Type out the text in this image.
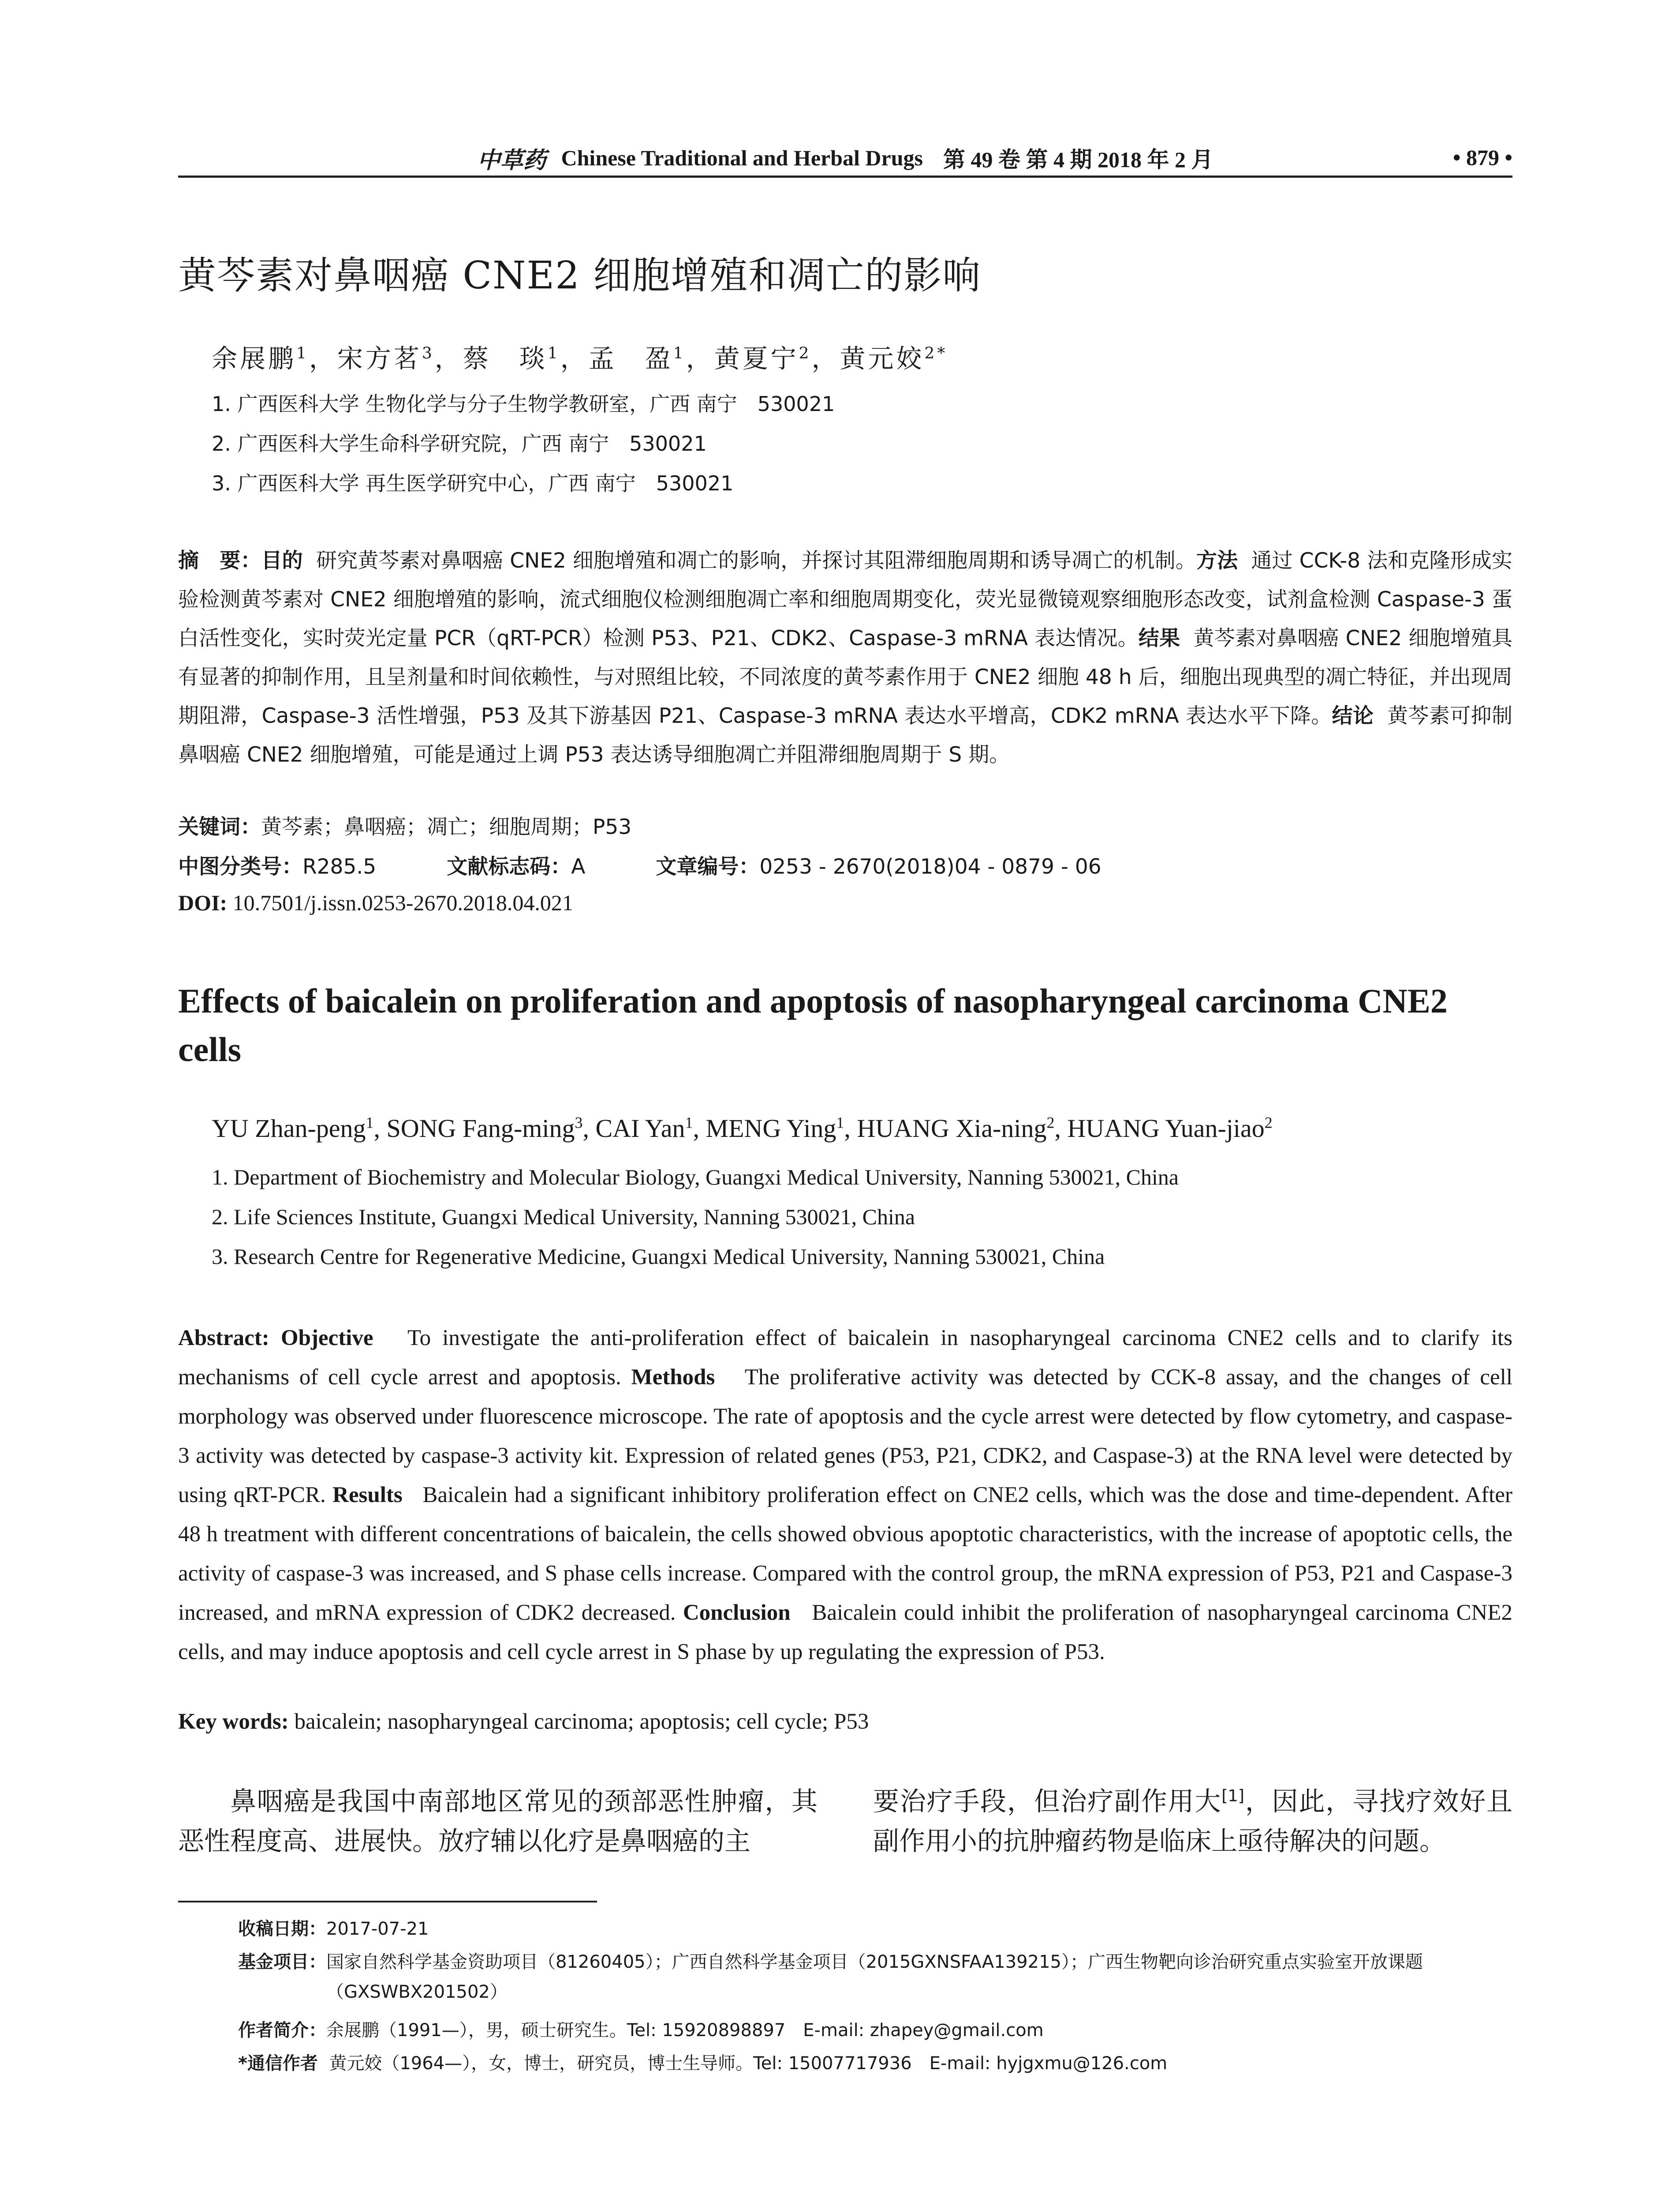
中草药 Chinese Traditional and Herbal Drugs 第 49 卷 第 4 期 2018 年 2 月	• 879 •
黄芩素对鼻咽癌 CNE2 细胞增殖和凋亡的影响
余展鹏$^1$，宋方茗$^3$，蔡　琰$^1$，孟　盈$^1$，黄夏宁$^2$，黄元姣$^{2*}$
1. 广西医科大学 生物化学与分子生物学教研室，广西 南宁　530021
2. 广西医科大学生命科学研究院，广西 南宁　530021
3. 广西医科大学 再生医学研究中心，广西 南宁　530021
摘　要：目的 研究黄芩素对鼻咽癌 CNE2 细胞增殖和凋亡的影响，并探讨其阻滞细胞周期和诱导凋亡的机制。方法 通过 CCK-8 法和克隆形成实验检测黄芩素对 CNE2 细胞增殖的影响，流式细胞仪检测细胞凋亡率和细胞周期变化，荧光显微镜观察细胞形态改变，试剂盒检测 Caspase-3 蛋白活性变化，实时荧光定量 PCR（qRT-PCR）检测 P53、P21、CDK2、Caspase-3 mRNA 表达情况。结果 黄芩素对鼻咽癌 CNE2 细胞增殖具有显著的抑制作用，且呈剂量和时间依赖性，与对照组比较，不同浓度的黄芩素作用于 CNE2 细胞 48 h 后，细胞出现典型的凋亡特征，并出现周期阻滞，Caspase-3 活性增强，P53 及其下游基因 P21、Caspase-3 mRNA 表达水平增高，CDK2 mRNA 表达水平下降。结论 黄芩素可抑制鼻咽癌 CNE2 细胞增殖，可能是通过上调 P53 表达诱导细胞凋亡并阻滞细胞周期于 S 期。
关键词：黄芩素；鼻咽癌；凋亡；细胞周期；P53
中图分类号：R285.5	文献标志码：A	文章编号：0253 - 2670(2018)04 - 0879 - 06
DOI: 10.7501/j.issn.0253-2670.2018.04.021
Effects of baicalein on proliferation and apoptosis of nasopharyngeal carcinoma CNE2 cells
YU Zhan-peng$^1$, SONG Fang-ming$^3$, CAI Yan$^1$, MENG Ying$^1$, HUANG Xia-ning$^2$, HUANG Yuan-jiao$^2$
1. Department of Biochemistry and Molecular Biology, Guangxi Medical University, Nanning 530021, China
2. Life Sciences Institute, Guangxi Medical University, Nanning 530021, China
3. Research Centre for Regenerative Medicine, Guangxi Medical University, Nanning 530021, China
Abstract: Objective To investigate the anti-proliferation effect of baicalein in nasopharyngeal carcinoma CNE2 cells and to clarify its mechanisms of cell cycle arrest and apoptosis. Methods The proliferative activity was detected by CCK-8 assay, and the changes of cell morphology was observed under fluorescence microscope. The rate of apoptosis and the cycle arrest were detected by flow cytometry, and caspase-3 activity was detected by caspase-3 activity kit. Expression of related genes (P53, P21, CDK2, and Caspase-3) at the RNA level were detected by using qRT-PCR. Results Baicalein had a significant inhibitory proliferation effect on CNE2 cells, which was the dose and time-dependent. After 48 h treatment with different concentrations of baicalein, the cells showed obvious apoptotic characteristics, with the increase of apoptotic cells, the activity of caspase-3 was increased, and S phase cells increase. Compared with the control group, the mRNA expression of P53, P21 and Caspase-3 increased, and mRNA expression of CDK2 decreased. Conclusion Baicalein could inhibit the proliferation of nasopharyngeal carcinoma CNE2 cells, and may induce apoptosis and cell cycle arrest in S phase by up regulating the expression of P53.
Key words: baicalein; nasopharyngeal carcinoma; apoptosis; cell cycle; P53
鼻咽癌是我国中南部地区常见的颈部恶性肿瘤，其恶性程度高、进展快。放疗辅以化疗是鼻咽癌的主
要治疗手段，但治疗副作用大[1]，因此，寻找疗效好且副作用小的抗肿瘤药物是临床上亟待解决的问题。
收稿日期：2017-07-21
基金项目：国家自然科学基金资助项目（81260405）；广西自然科学基金项目（2015GXNSFAA139215）；广西生物靶向诊治研究重点实验室开放课题（GXSWBX201502）
作者简介：余展鹏（1991—），男，硕士研究生。Tel: 15920898897　E-mail: zhapey@gmail.com
*通信作者 黄元姣（1964—），女，博士，研究员，博士生导师。Tel: 15007717936　E-mail: hyjgxmu@126.com
